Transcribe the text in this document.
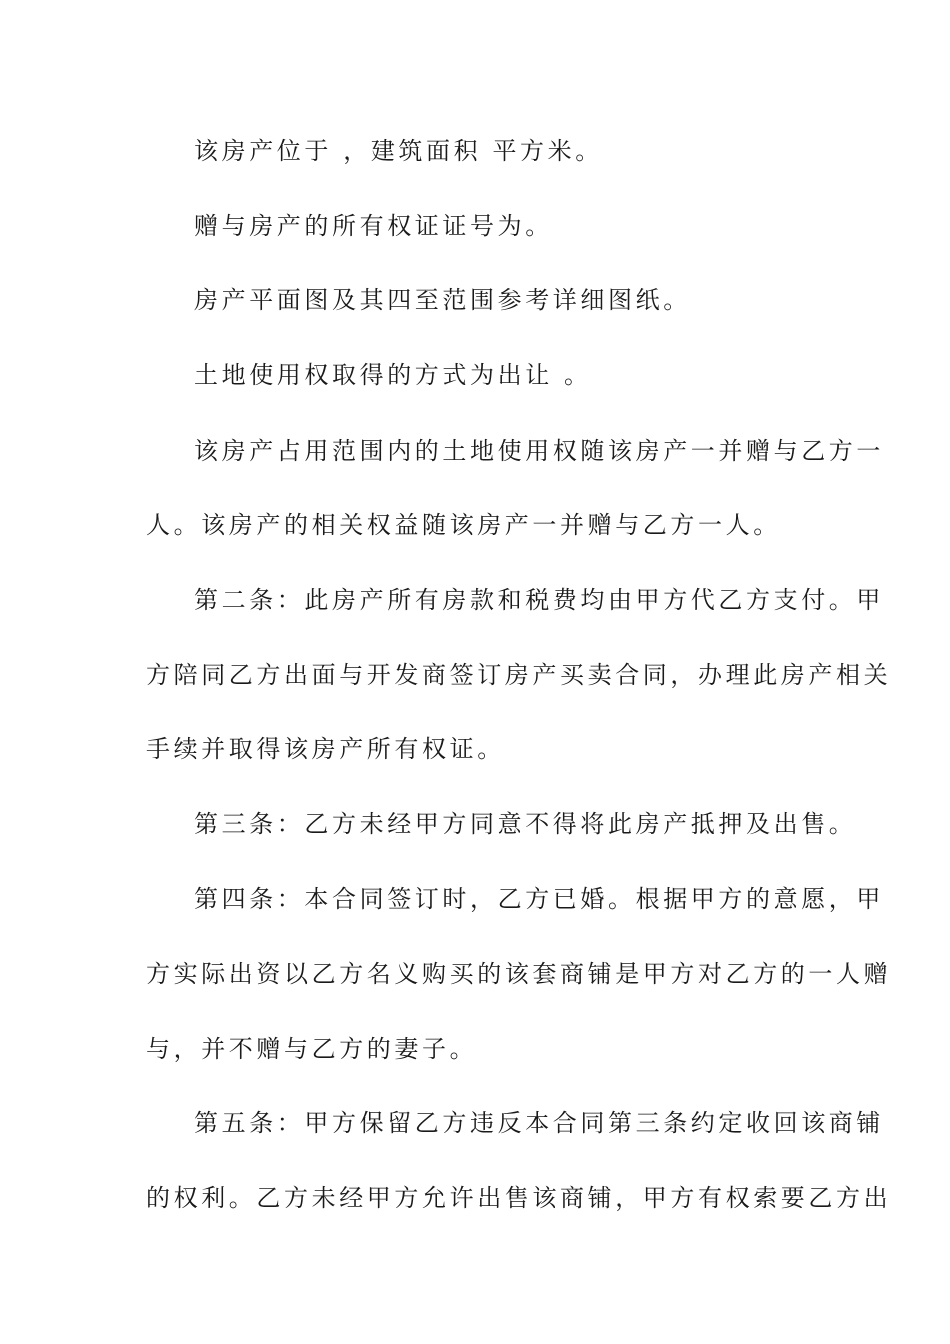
该房产位于 ，建筑面积 平方米。
赠与房产的所有权证证号为。
房产平面图及其四至范围参考详细图纸。
土地使用权取得的方式为出让 。
该房产占用范围内的土地使用权随该房产一并赠与乙方一
人。该房产的相关权益随该房产一并赠与乙方一人。
第二条：此房产所有房款和税费均由甲方代乙方支付。甲
方陪同乙方出面与开发商签订房产买卖合同，办理此房产相关
手续并取得该房产所有权证。
第三条：乙方未经甲方同意不得将此房产抵押及出售。
第四条：本合同签订时，乙方已婚。根据甲方的意愿，甲
方实际出资以乙方名义购买的该套商铺是甲方对乙方的一人赠
与，并不赠与乙方的妻子。
第五条：甲方保留乙方违反本合同第三条约定收回该商铺
的权利。乙方未经甲方允许出售该商铺，甲方有权索要乙方出
